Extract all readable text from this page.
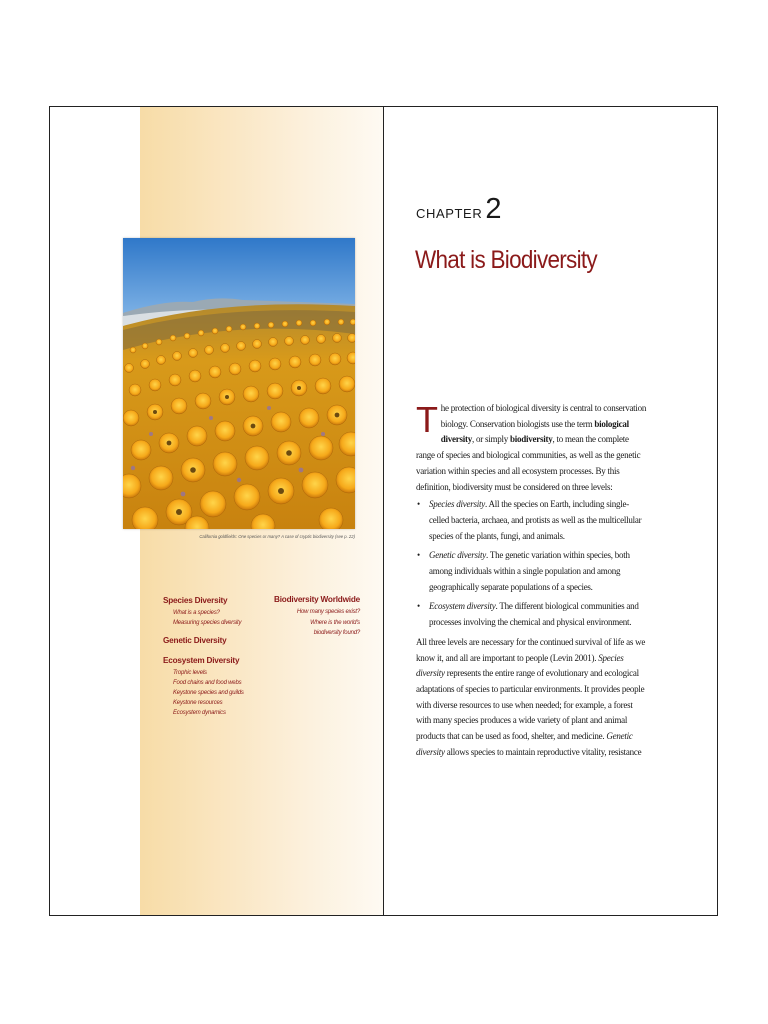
California goldfields: One species or many? A case of cryptic biodiversity (see p. 22)
Species Diversity
What is a species?
Measuring species diversity
Genetic Diversity
Ecosystem Diversity
Trophic levels
Food chains and food webs
Keystone species and guilds
Keystone resources
Ecosystem dynamics
Biodiversity Worldwide
How many species exist?
Where is the world's
biodiversity found?
CHAPTER 2
What is Biodiversity
The protection of biological diversity is central to conservation biology. Conservation biologists use the term biological diversity, or simply biodiversity, to mean the complete range of species and biological communities, as well as the genetic variation within species and all ecosystem processes. By this definition, biodiversity must be considered on three levels:
• Species diversity. All the species on Earth, including single-celled bacteria, archaea, and protists as well as the multicellular species of the plants, fungi, and animals.
• Genetic diversity. The genetic variation within species, both among individuals within a single population and among geographically separate populations of a species.
• Ecosystem diversity. The different biological communities and processes involving the chemical and physical environment.
All three levels are necessary for the continued survival of life as we know it, and all are important to people (Levin 2001). Species diversity represents the entire range of evolutionary and ecological adaptations of species to particular environments. It provides people with diverse resources to use when needed; for example, a forest with many species produces a wide variety of plant and animal products that can be used as food, shelter, and medicine. Genetic diversity allows species to maintain reproductive vitality, resistance
